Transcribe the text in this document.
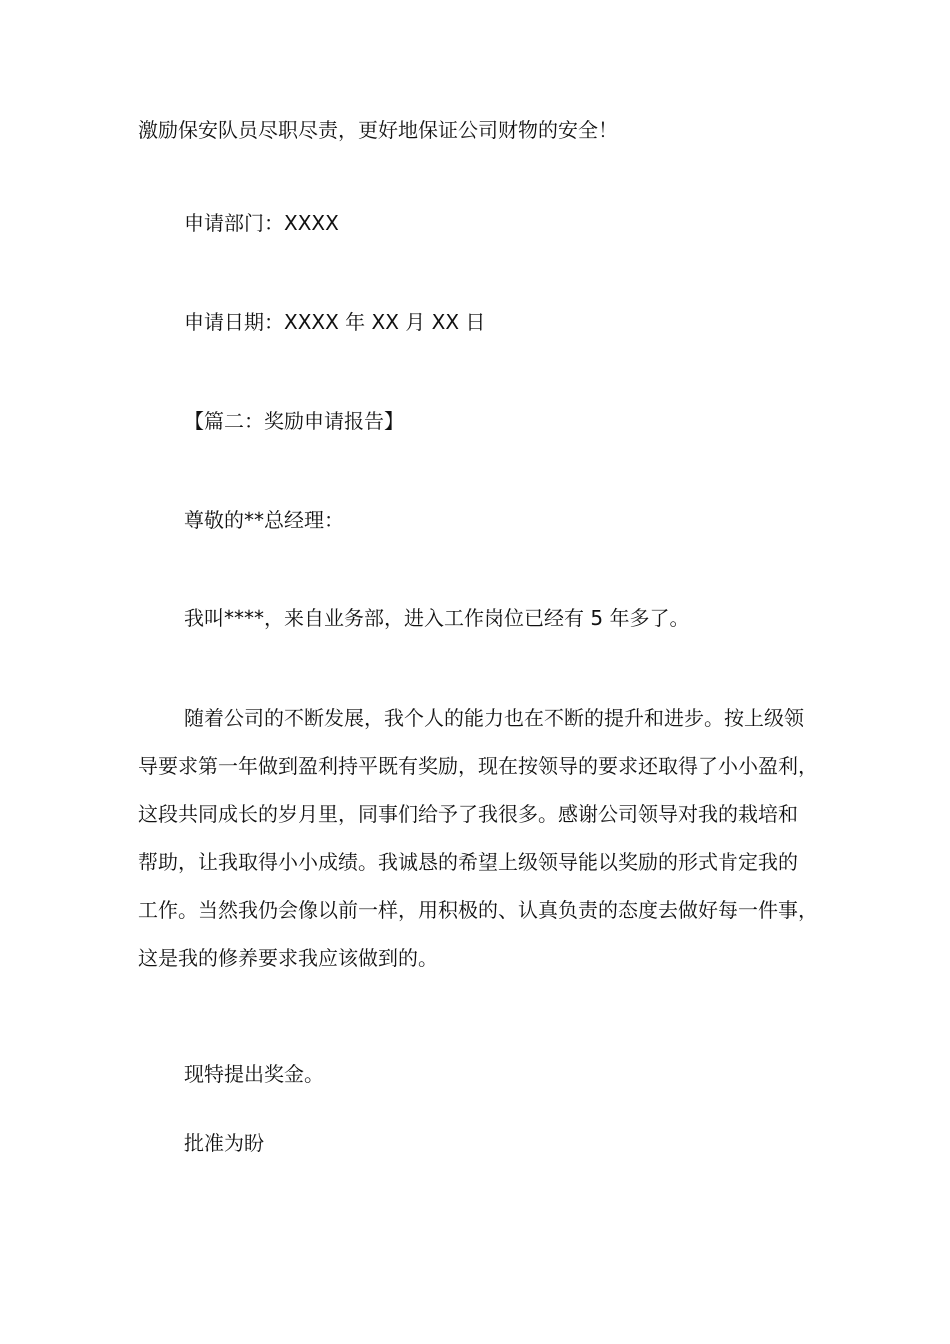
激励保安队员尽职尽责，更好地保证公司财物的安全！
申请部门：XXXX
申请日期：XXXX 年 XX 月 XX 日
【篇二：奖励申请报告】
尊敬的**总经理：
我叫****，来自业务部，进入工作岗位已经有 5 年多了。
随着公司的不断发展，我个人的能力也在不断的提升和进步。按上级领
导要求第一年做到盈利持平既有奖励，现在按领导的要求还取得了小小盈利，
这段共同成长的岁月里，同事们给予了我很多。感谢公司领导对我的栽培和
帮助，让我取得小小成绩。我诚恳的希望上级领导能以奖励的形式肯定我的
工作。当然我仍会像以前一样，用积极的、认真负责的态度去做好每一件事，
这是我的修养要求我应该做到的。
现特提出奖金。
批准为盼
